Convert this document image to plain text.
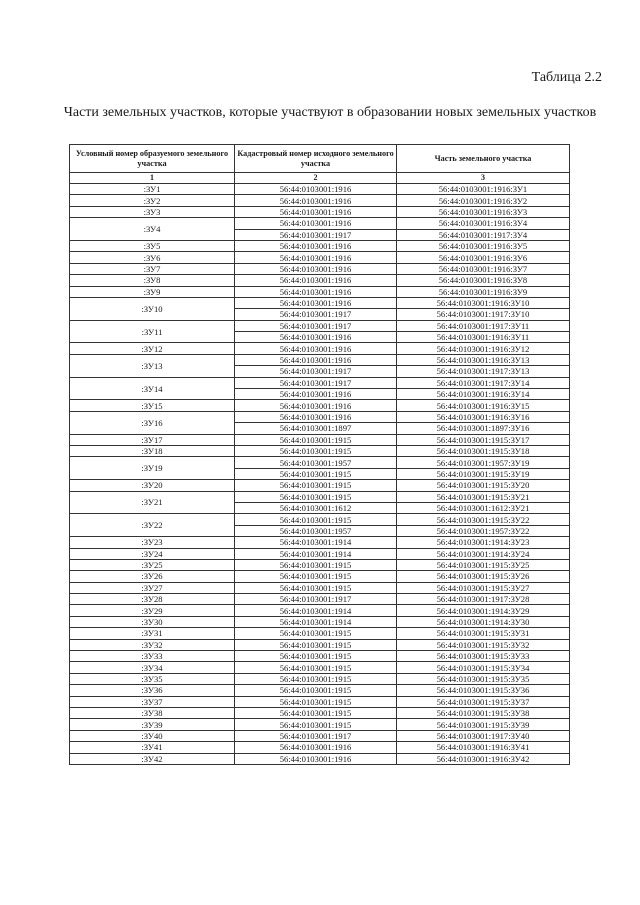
Таблица 2.2
Части земельных участков, которые участвуют в образовании новых земельных участков
Условный номер образуемого земельного участка	Кадастровый номер исходного земельного участка	Часть земельного участка
1	2	3
:ЗУ1	56:44:0103001:1916	56:44:0103001:1916:ЗУ1
:ЗУ2	56:44:0103001:1916	56:44:0103001:1916:ЗУ2
:ЗУ3	56:44:0103001:1916	56:44:0103001:1916:ЗУ3
:ЗУ4	56:44:0103001:1916	56:44:0103001:1916:ЗУ4
	56:44:0103001:1917	56:44:0103001:1917:ЗУ4
:ЗУ5	56:44:0103001:1916	56:44:0103001:1916:ЗУ5
:ЗУ6	56:44:0103001:1916	56:44:0103001:1916:ЗУ6
:ЗУ7	56:44:0103001:1916	56:44:0103001:1916:ЗУ7
:ЗУ8	56:44:0103001:1916	56:44:0103001:1916:ЗУ8
:ЗУ9	56:44:0103001:1916	56:44:0103001:1916:ЗУ9
:ЗУ10	56:44:0103001:1916	56:44:0103001:1916:ЗУ10
	56:44:0103001:1917	56:44:0103001:1917:ЗУ10
:ЗУ11	56:44:0103001:1917	56:44:0103001:1917:ЗУ11
	56:44:0103001:1916	56:44:0103001:1916:ЗУ11
:ЗУ12	56:44:0103001:1916	56:44:0103001:1916:ЗУ12
:ЗУ13	56:44:0103001:1916	56:44:0103001:1916:ЗУ13
	56:44:0103001:1917	56:44:0103001:1917:ЗУ13
:ЗУ14	56:44:0103001:1917	56:44:0103001:1917:ЗУ14
	56:44:0103001:1916	56:44:0103001:1916:ЗУ14
:ЗУ15	56:44:0103001:1916	56:44:0103001:1916:ЗУ15
:ЗУ16	56:44:0103001:1916	56:44:0103001:1916:ЗУ16
	56:44:0103001:1897	56:44:0103001:1897:ЗУ16
:ЗУ17	56:44:0103001:1915	56:44:0103001:1915:ЗУ17
:ЗУ18	56:44:0103001:1915	56:44:0103001:1915:ЗУ18
:ЗУ19	56:44:0103001:1957	56:44:0103001:1957:ЗУ19
	56:44:0103001:1915	56:44:0103001:1915:ЗУ19
:ЗУ20	56:44:0103001:1915	56:44:0103001:1915:ЗУ20
:ЗУ21	56:44:0103001:1915	56:44:0103001:1915:ЗУ21
	56:44:0103001:1612	56:44:0103001:1612:ЗУ21
:ЗУ22	56:44:0103001:1915	56:44:0103001:1915:ЗУ22
	56:44:0103001:1957	56:44:0103001:1957:ЗУ22
:ЗУ23	56:44:0103001:1914	56:44:0103001:1914:ЗУ23
:ЗУ24	56:44:0103001:1914	56:44:0103001:1914:ЗУ24
:ЗУ25	56:44:0103001:1915	56:44:0103001:1915:ЗУ25
:ЗУ26	56:44:0103001:1915	56:44:0103001:1915:ЗУ26
:ЗУ27	56:44:0103001:1915	56:44:0103001:1915:ЗУ27
:ЗУ28	56:44:0103001:1917	56:44:0103001:1917:ЗУ28
:ЗУ29	56:44:0103001:1914	56:44:0103001:1914:ЗУ29
:ЗУ30	56:44:0103001:1914	56:44:0103001:1914:ЗУ30
:ЗУ31	56:44:0103001:1915	56:44:0103001:1915:ЗУ31
:ЗУ32	56:44:0103001:1915	56:44:0103001:1915:ЗУ32
:ЗУ33	56:44:0103001:1915	56:44:0103001:1915:ЗУ33
:ЗУ34	56:44:0103001:1915	56:44:0103001:1915:ЗУ34
:ЗУ35	56:44:0103001:1915	56:44:0103001:1915:ЗУ35
:ЗУ36	56:44:0103001:1915	56:44:0103001:1915:ЗУ36
:ЗУ37	56:44:0103001:1915	56:44:0103001:1915:ЗУ37
:ЗУ38	56:44:0103001:1915	56:44:0103001:1915:ЗУ38
:ЗУ39	56:44:0103001:1915	56:44:0103001:1915:ЗУ39
:ЗУ40	56:44:0103001:1917	56:44:0103001:1917:ЗУ40
:ЗУ41	56:44:0103001:1916	56:44:0103001:1916:ЗУ41
:ЗУ42	56:44:0103001:1916	56:44:0103001:1916:ЗУ42
